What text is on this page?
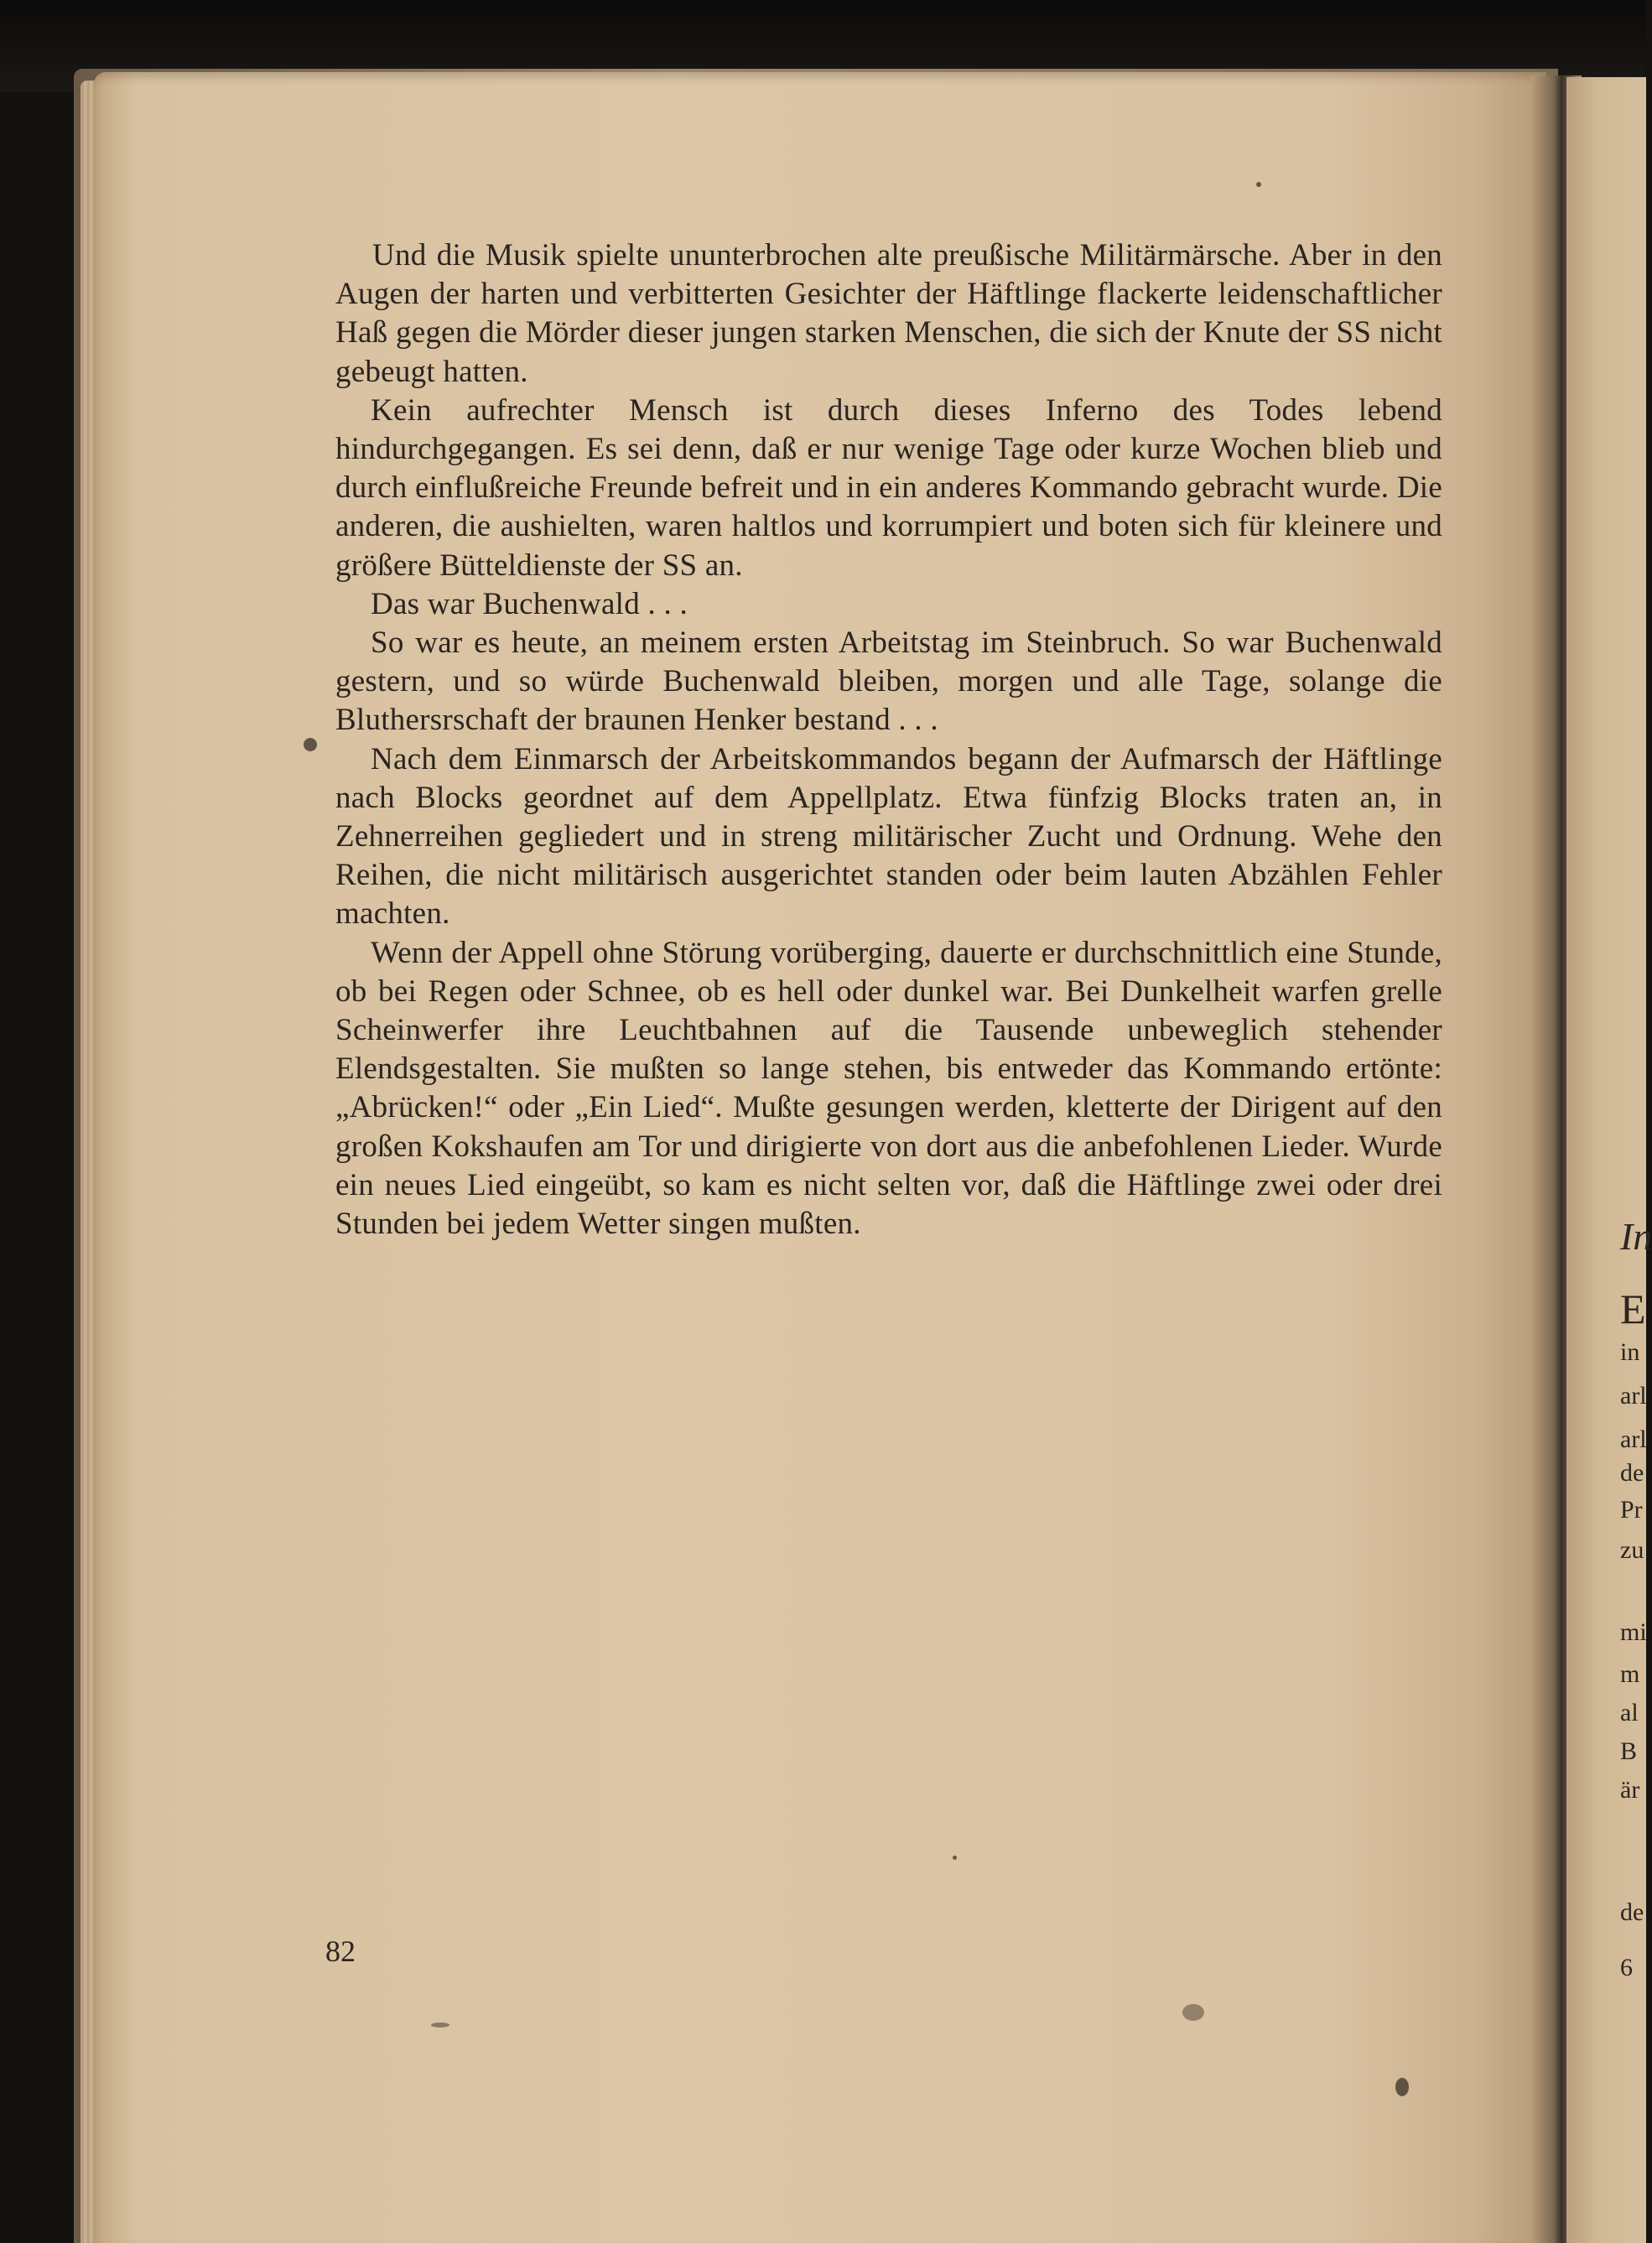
Und die Musik spielte ununterbrochen alte preußische Militärmärsche. Aber in den Augen der harten und verbitterten Gesichter der Häftlinge flackerte leidenschaftlicher Haß gegen die Mörder dieser jungen starken Menschen, die sich der Knute der SS nicht gebeugt hatten.

Kein aufrechter Mensch ist durch dieses Inferno des Todes lebend hindurchgegangen. Es sei denn, daß er nur wenige Tage oder kurze Wochen blieb und durch einflußreiche Freunde befreit und in ein anderes Kommando gebracht wurde. Die anderen, die aushielten, waren haltlos und korrumpiert und boten sich für kleinere und größere Bütteldienste der SS an.

Das war Buchenwald . . .

So war es heute, an meinem ersten Arbeitstag im Steinbruch. So war Buchenwald gestern, und so würde Buchenwald bleiben, morgen und alle Tage, solange die Bluthersrschaft der braunen Henker bestand . . .

Nach dem Einmarsch der Arbeitskommandos begann der Aufmarsch der Häftlinge nach Blocks geordnet auf dem Appellplatz. Etwa fünfzig Blocks traten an, in Zehnerreihen gegliedert und in streng militärischer Zucht und Ordnung. Wehe den Reihen, die nicht militärisch ausgerichtet standen oder beim lauten Abzählen Fehler machten.

Wenn der Appell ohne Störung vorüberging, dauerte er durchschnittlich eine Stunde, ob bei Regen oder Schnee, ob es hell oder dunkel war. Bei Dunkelheit warfen grelle Scheinwerfer ihre Leuchtbahnen auf die Tausende unbeweglich stehender Elendsgestalten. Sie mußten so lange stehen, bis entweder das Kommando ertönte: „Abrücken!“ oder „Ein Lied“. Mußte gesungen werden, kletterte der Dirigent auf den großen Kokshaufen am Tor und dirigierte von dort aus die anbefohlenen Lieder. Wurde ein neues Lied eingeübt, so kam es nicht selten vor, daß die Häftlinge zwei oder drei Stunden bei jedem Wetter singen mußten.

82
In
E
in
arl
arl
de
Pr
zu
mi
m
al
B
är
de
6
